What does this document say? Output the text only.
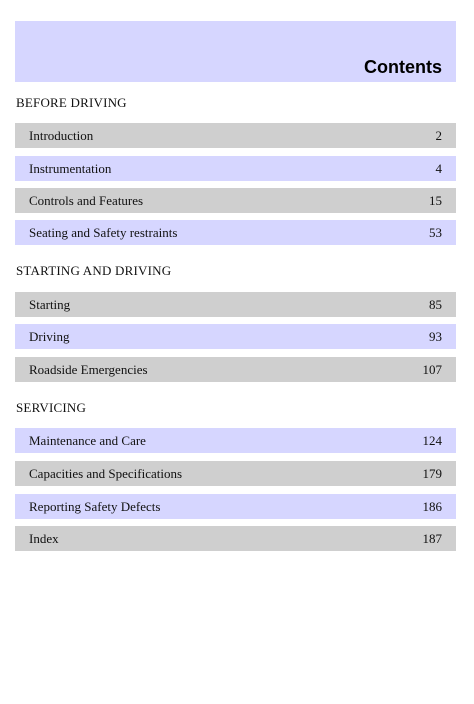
Contents
BEFORE DRIVING
Introduction	2
Instrumentation	4
Controls and Features	15
Seating and Safety restraints	53
STARTING AND DRIVING
Starting	85
Driving	93
Roadside Emergencies	107
SERVICING
Maintenance and Care	124
Capacities and Specifications	179
Reporting Safety Defects	186
Index	187
